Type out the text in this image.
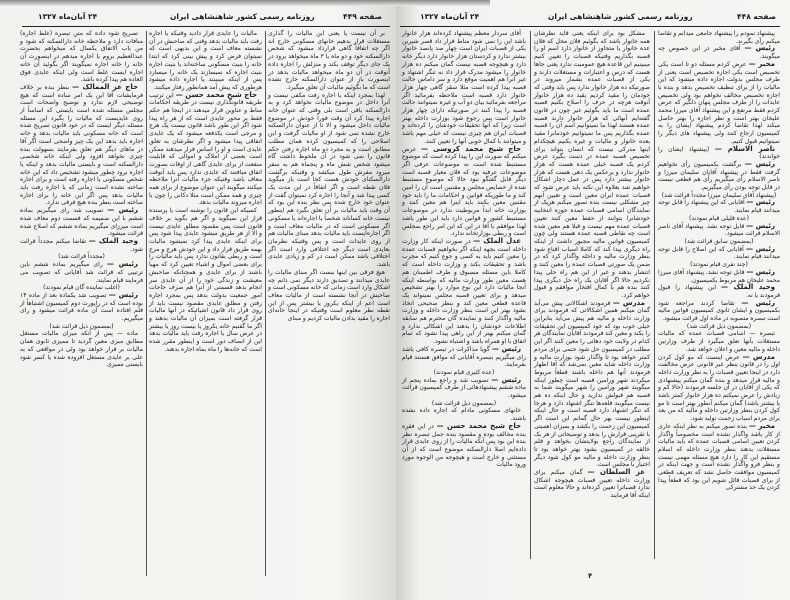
صفحه ۴۴۹
روزنامه رسمی کشور شاهنشاهی ایران
۲۴ آبان‌ماه ۱۳۲۷

بر آن نیست یا یعنی این مالیات را گذاری مستغلات قرار بدهیم خانهای مسکونی خارج اند اگر چه اتفاقاً گاهی قرارداد میشود که شخص دارالسکنه خود و دو ماه یا ۳ ماه میخواهد برود در یک جای دیگر توقف بکند و منزلش را اجاره داده آنوقت در آن دو ماه میخواهد مالیات بدهد در اینصورت باز از عنوان دارالسکنه خارج نشده است که ما بگوئیم مالیات آن تعلق میگیرد.

لهذا بمجرد اینکه یا اجاره رفت مکفی نیست و آنرا داخل در موضوع مالیات نخواهد کرد و به دارالسکنه باقی است بلی وقتی که عنوان خانه اجاره پیدا کرد آن وقت فوراً خودش در موضوع مالیات داخل میشود و الا تا از عنوان دارالسکنه خارج نشده نمی شود از او مالیات گرفت و این اصلاحی را که کمیسیون کرده همان مطلب مطابق است و به مجرد دو ماه اجاره رفتن حکم قانون را نمی شود در آن ملحوظ داشت گاه میشود شخص شش ماه و پنجماه هم به سفر میرود مفرش طول میکشد و وقتیکه برگشت دارالسکنای خودش هست کجا است باز میگوید فلان نقطه است و اگر اتفاقاً در این مدت یک کسی پیدا شد و آنجا را اجاره کرد نمیتوان گفت از عنوان خود خارج شده پس نظر بنده این بود که آن وقت باید مالیات بر آن تعلق بگیرد هم اینطور نیست خانه کساناند شخصاً یا اجاره‌اند یا مسکونی اگر مسکونی است که در مالیات معاف است و اگر اجاره‌ایست باید مالیات بدهد مبنای مالیات هم از روی عایدات است و پس وقتیکه نظرمان بعایدی است دیگر چه اختلافی وارد است اگر اختلافی باشد ممکن است در کم و زیادی عایدی باشد.

هیچ فرقی بین اینها نیست اگر مبنای مالیات را عایدی میدانند و تصدیق دارند دیگر نمی دانم چه اشکال وارد است زمانی که خانه مسکونی است و صاحبش در آنجا نشسته است از مالیات معاف است اعم از اینکه یکروز یا بیشتر پس از این نقطه نظر معلوم است وقتیکه در اینجا خانه‌ای اجاره را مقید بدادن مالیات کردیم و مبنای

مالیات را عایدی قرار دادید وقتیکه یا اجاره رفت باید مالیات بدهد وقتی که صاحبش در آن نشسته معاف است و این بدیهی است که نمیتوان فرض کرد و پیش بینی کرد که ابتدا خانه را بنیت مسکونی ساخته‌اند یا بنیت اجاره بنیت اجاره که نمیسازند یک خانه را میسازد پس از اینکه میبینند یا اجاره داده میشود هرطوری که پیش آمد همانطور رفتار میکنند.

حاج شیخ محمد حسن — این ترتیب طریقه قانونگذاری نیست در طریقه احکامات مناط و عناوین قرار میدهند در اینجا هم حکم فقط بر محور عایدی است که از هر راه پیدا شود اگر این طور باشد قانون نیست یک هرج و مرجی است یکدفعه میشود که یک عایدی اتفاقی پیدا میشود و اگر نظرشان به تعلق عایدی است و او را اساس قرار میدهند ممکن است بعضی از املاک و اموالی که قابلیت منفعت از برای عایدی گاهی از اوقات بصورت اتفاق میافتند که عایدی ندارد پس باید آنوقت معاف باشد وقتیکه جزء مالیات آنرا ملاحظه میکنند میگویند این عنوان موضوع از برای همه چیزی و همه ممکن است مثلا دکانی را چون یا اجاره میروند مالیات بدهد.

کسیکه این قانون را نوشته است یا پرسنده قرار این نمیگوید و اگر هم بگوید بر خلاف قانون است پس مقصود مطلق عایدی نیست و الا از هر طریق میشود عایدی پیدا شود پس برای اینکه عایدی پیدا کرد نمیشود مالیات بهمه طریق قرار داد و این خودش هرج و مرج است و ربطی بقانون ندارد پس باید مالیات را برای بعضی اموال و اشیاء تعیین کرد که مهیا باشند از برای عایدی و همچنانکه صاحبش معیشت و زندگی خود را از آن عایدی سر انجام بدهد قسمتی از آنرا هم صرف حاجات امور جمعیت بدولت بدهد پس بمجرد اجاره رفتن و مطلق عایدی مقصود نیست باید از روی قرار داد قانون اشیائیکه در آنها مالیات قرار گرفته است بمیزان آن مالیات بدهند و اگر ما گفتیم خانه یکروز یا بیست روز یا بیشتر در عرض سال یا اجاره رفت باید مالیات بدهد این از انصاف دور است و اینطور مقرر شده است که خانه‌ها را ماه بماه اجاره بدهند.

تصریح شود داده که متن تبصره (غلط اجاره) منافات دارد و ملاحظه خانه دارالسکنه که شود و من باب الاتفاق یکسال که میخواهم بحضرت عبدالعظیم بروم یا اجاره میدهم در اینصورت آن خانه را خانه اجاره نمیگویند اگر بگوئید آن خانه اجاره ایست غلط است ولی اینکه عایدی فوق العاده هم پیدا کرده باشد.

حاج عز الممالک — بنظر بنده بر خلاف فرمایشات آقا این یک امر ساده است که هیچ توضیحی لازم ندارد و توضیح واضحات است مجلس مسئله شده است بایستی که اساساً از روی عایدیست که مالیات را بگیرد این مسئله مسئله دیگر ایست که در خود قانون تصریح شده است که خانه مسکونی باید مالیات بدهد و خانه اجاره باید بدهد این یک چیز واضحی است اگر آقا در ماهای دیگر هم تعلق بفرمایند بسهولت بنده چیزی نخواهد افزود ولی اینکه خانه شخصی دارالسکنه است و بایستی مالیات بدهد و اینکه یا اجاره برود چطور میشود تشخیص داد که این خانه شخص مسکونی یا اجاره رفته است و برای اجاره ساخته نشده است زمانی که یا اجاره رفت باید مالیات بدهد پس اگر این خانه را برای اجاره ساخته است بنظر بنده هیچ فرقی ندارد.

رئیس — تصویب شد رای میگیریم بماده ششم با این ضمیمه که قسمت دوم معاف شده است میرزای میگیریم بماده ششم که اصلاح شده قرائت میشود.

وحید الملک — تقاضا میکنم مجدداً قرائت شود.

(مجدداً قرائت شد)

رئیس — رای میگیریم بماده ششم باین ترتیبی که قرائت شد آقایانی که تصویب می فرمایند قیام نمایند.

(اغلب نماینده گان قیام نمودند)

رئیس — تصویب شد یکماده بعد از ماده ۱۴ بوده است که در رایورت دوم کمیسیون اشتباهاً از قلم افتاده است آن ماده قرائت میشود و رای میگیریم.

(بمضمون ذیل قرائت شد)

ماده — پس از آنکه میزان مالیات مستغل مطابق مبزی معین گردید تا ممیزی ثانوی همان مالیات بر قرار خواهد بود ولی در مواقعی که به علی بر عایدی مستغل افزوده شده یا کسر شود بایستی ممیزی

صفحه ۴۴۸
روزنامه رسمی کشور شاهنشاهی ایران
۲۴ آبان‌ماه ۱۳۲۷

پیشنهاد نمودم را پیشنهاد جامعی میدانم و تقاضا میکنم رأی بگیرند.

رئیس — آقای مخبر در این خصوص چه میگویند.

مخبر — عرض کردم مسئله دو تا است یکی تخصیص است یکی اجازه تخصیص است یعنی از طرف مجلس بدولت اجازه داده میشود که این مالیات را از برای تنظیف تخصیص بدهد و بنده با اجازه تخصیص مخالف نخواهم بود ولی تخصیص عایدات را از طرف مجلس پنهان دلگیر که عرض کردم فقط مرتفع و این پیشنهاد آقای میرزا محمد علیخان بهتر است و نظر اجازه را بهتر حاصل میکند لهذا تقاضا کردم پیشنهاد ایشان را به کمیسیون ارجاع کنند ولی پیشنهاد های دیگر را نمیتوانیم قبول کنیم.

ناصر الاسلام — (پیشنهاد ایشان را خواندند)

رئیس — برگشت بکمیسیون رأی نخواهیم گرفت فقط در پیشنهاد آقایان سلیمان میرزا و ناصر الاسلام رأی میگیریم رأی هم قطعی نیست در قابل توجه بودن رأی میگیریم.

(پیشنهاد آقای سلیمان میرزا مجدداً قرائت شد)

رئیس — آقایانی که این پیشنهاد را قابل توجه میدانند قیام نمایند.

(عده قلیلی قیام نمودند)

رئیس — قابل توجه نشد. پیشنهاد آقای ناصر الاسلام قرائت میشود.

(بمضمون سابق قرائت شد)

رئیس — آقایانی که این اصلاح را قابل توجه میدانند قیام نمایند.

(چند نفری قیام نمودند)

رئیس — قابل توجه نشد. پیشنهاد آقای میرزا محمد علیخان هم مربوط بکمیسیون.

وحید الملک — این پیشنهاد را قبول فرمودند یا نه.

رئیس — تقاضا کردند مراجعه شود بکمیسیون و ایشان ثانوی کمیسیون قوانین مالیه است تبصره متصوبه در ماده اول قرائت میشود.

(بمضمون ذیل قرائت شد)

تبصره — اسامی قصبات عمده که مالیات مستغلات بآنها تعلق میگیرد از طرف وزارتین داخله و مالیه معین و اعلان خواهد شد.

مدرس — عرض اینست که مو کول کردن اول را در قانون بنظر غیر قانونی عرض مخالفت دارد در اینجا تعیین قصبات را به نظر وزارت داخله و مالیه قرار میدهد و بنده گمان میکنم پیشنهادی که یکی از آقایان در آن جلسه فرمودند (حالا کم و زیادش را عرض نمیکنم ده هزار خانوار کمتر باشد یا بیشتر باشد) گمان میکنم آنطور بهتر است تا مو کول کردن بنظر وزارتین داخله و مالیه که من بعد برای مردم اسباب زحمت تولید شود.

مخبر — بنده تصور میکنم به نظر اینکه عاری از کار باشد واگذار نشده است مخصوصاً واگذار کردن تعیین اسامی قصبات عمده که باید مالیات مستغلات بدهند بنظر وزارت داخله که اسلام مستقیم این کار را دارد هیچ مسئله مهمی نیست و بنظر فرو واگذار نشده است و جهت اینکه در کمیسیون موافقت حاصل نشد که تعریف قطعی از برای قصبات قائل شویم این بود که قطعاً پیدا کردن یک حد مشترکی

مشکل بود برای اینکه یعنی قاید نظرشان همه خانوار باشد که بگوئیم فلان محل که فلان عده خانوار یا متجاوز از خانوار دارد اسم او را قصبه بگذاریم وقتیکه قصبات را تعیین کنیم میبینیم این قاعده هیچ عمومیت ندارد یعنی جاها هست که درس و اعتبارات و مستغلات دارند و یکی از قصبات عمده بشمار میروند در صورتیکه ده هزار خانوار ندارد پس باید وقتی که خودمان را مقید کردیم بقید ده هزار خانوار آنوقت هرچه در حرف را اصلاح بکنیم قصبه عمده است ما باید بگوئیم غیر چون در قانون گفته‌ایم آنهائی که هزار خانوار دارند قصبه عمده هستند لهذا ما نمیتوانیم اسم آن را قصبه عمده بگذاریم پس ما نمیتوانیم خودمانرا مقید بعده خانوار و مالیات و غیره بکنیم هیچکدام اینها مدرکی نیست که انسان بتواند برای تخصیص قصبه عمده در دست بگیرد عرض کردم یک قصبه خیلی عمده هست که هزار خانوار ندارد و برعکس یک دهی هست که هزار خانوار بیشتر دارد پس در عمل دچار اشکال خواهیم شد بعلاوه این نکته باید عرض شود که قصبات عمده ایران معین است و تعیین آنهم چیز مشکلی نیست بنده تصور میکنم هریک از نمایندگان اسامی قصبات عمده حوزه انتخابیه خودشانرا بتوانند از حفظ معین کنند تعیین قصبات عمده مهم نیست و قبلا هم معین شده است چه نقاطی قصبه عمده هستند ولی چون کمیسیون قوانین مالیه مجبور داشت از اینکه راه دیگری پیدا کند که کاملا اسباب اقناع شود بنظر وزارت مالیه و داخله واگذار کرد که در ضمن یک صورتی قصبات عمده را معین کنند و انتشار بدهند و غیر از این هم راه حلی پیدا نکردیم حالا اگر آقایان یک راه حل دیگری پیدا کنند بنده هم با کمال افتخار موافقم و قبول خواهم کرد.

مدرس — فرمودند اشکالاتی پیش می‌آید گمان میکنم همین اشکالاتی که فرمودند برای وزارت داخله و مالیه هم پیش می‌آید بنابراین خیلی خوب بود که خود کمیسیون این تحقیقات را بکند و معین کند فرمودند آقایان نمایندگان هر کدام در ولایت خود دهاتی را معین کنند اگر این مطلب در کمیسیون حل شود حتمی برای مردم کمتر خواهد بود تا واگذار شود بوزارت مالیه و وزارت داخله شاید معین نمی‌شد که آقا اظهار فرمودند آنها هم داخله باشند قطعاً مربوط میکردند شهر ورامین قصبه است چطور اینکه میگویند شهر ورامین را شهر میگویند شما به قصبه هم قبولش ندارید و حال اینکه ده هم نیست میگویند قلعه‌ها تنگر اشتهاد دارد و هرجا که تنگر اشتهاد دارد قصبه است و حال اینکه اینطور نیست بهر حال گمانم این است اگر کمیسیون این زحمت را بکشد و بمیزان اهمیتی با تقریبی قرارش را بدهد و توضیحاتی از هر یک از نمایندگان راجع بولایتشان بخواهد و قلم خالقه در کمیسیون بشود بهتر خواهد بود تا بنظر وزارت داخله و مالیه مو کول شود دیگر اختیار با مجلس است.

عز السلطان — گمان میکنم برای وزارت داخله تعیین قصبات هیچوجه اشکال ندارد قصباترا تعیین کرده‌اند و حالا معلوم است اینکه آقا فرمایند

آقای سردار معظم پیشنهاد کرده‌اند هزار خانوار باشد این را نمی شود مناط قرار داد قصر شیرین یکی از قصبات ایران است چهار صد پانصد خانوار بیشتر ندارد و کردستان هزار خانوار دارد دیگر خانه دارد و هیچوجه قصبه نیست گمان میکنم ده هزار خانوار را میشود مدرک قرار داد نه تنگر اشتهاد و غیر آنرا هم اهمیت موقع دارد و سر داماس حالت قصبه پیدا کرده است مثلا سقز گاهی چهار هزار خانوار دارد قصبه است ملاحظه بفرمائید اگر مراجعه بفرمائید بیان دو آب و غیره نمیتوانند حالت قصبه را پیدا کنند در صورتیکه دارای چهار هزار خانوار است پس رجوع شود بوزارت داخله بهتر است زیرا که آنها تحقیقات خودشان را کرده‌اند و قصبات ایران هم چیزی نیست که خیلی مهم باشد و میتوانند با کمال خوبی آنها را تعیین کنند.

حاج شیخ محمد کروسی — عرض میکنم که صورت این را پیدا کرده است که موضوع مستنبط شده است نه موضوعات عرفی اگر موضوعات عرفیه بود که فلان معیار قصبه است دیگر قابل گفتگو نبود حالا که موضوع مستنبط شده از خصایص مجلس و مقننین است آن را امین کند و ما طوریکه قوانین و احکامات ما را باید خود مقننین معین بکنند باید اینرا هم معین کنند و بوزارت خانه ابداً مربوطیت ندارد در موضوعات مستنبط کشور و قوانین دارد باید این طور باشد لهذا موافقم با آقا در این که این امر راجع بمجلس است و ربطی بوزارتخانه ندارد.

عدل الملک — در صورت اینکه کار وزارت داخله است بجهة اینکه اگر بخواهیم قصبات عمده را معین کنیم باید به کسی و جوع کنیم که مجرب باشد و تحقیقات بکند و وزارت داخله است که کاملا باین مسئله مسبوق و طرف اطمینان هم هست معین طور وزارت مالیه که بواسطه اینکه آنجا مالیات دارد این نوع موارد را بهتر تشخیص میدهد و برای تعیین قصبه مجلس نمیتواند یک قاعده قطعی معین کند و بنظر صحیحی اتخاذ بشود بهتر این است بنظر وزارت داخله و وزارت مالیه واگذار کنند و نماینده گان محترم هم سابقه اطلاعات خودشان را بدهند این اشکالی ندارد و گمان میکنم بهتر از این راهی پیدا نشود که تمام اتفاق با او همراه باشد و اشتباه نشود.

رئیس — گویا مذاکرات در تبصره کافی باشد رای میگیریم بتبصره آقایانی که موافق هستند قیام بفرمایند.

(عده کثیری قیام نمودند)

رئیس — تصویب شد و راجع بماده پنجم از ماده ششم پیشنهادهائی از طرف کمیسیون قرائت میشود.

(بمضمون ذیل قرائت شد)

خانهای مسکونی مادام که اجاره داده نشده باشند.

حاج شیخ محمد حسن — در این فقره بنده مخالف بوده و مقصود بنده جمل تبصره نظر بنده این بود پس آنکه مالیات را از روی عایدی قرار داده‌ایم اصلا دارالسکنه موضوع است که از آن مستثنی و خارج است و هیچوجه من الوجوه مورد ورود مالیات

۴
